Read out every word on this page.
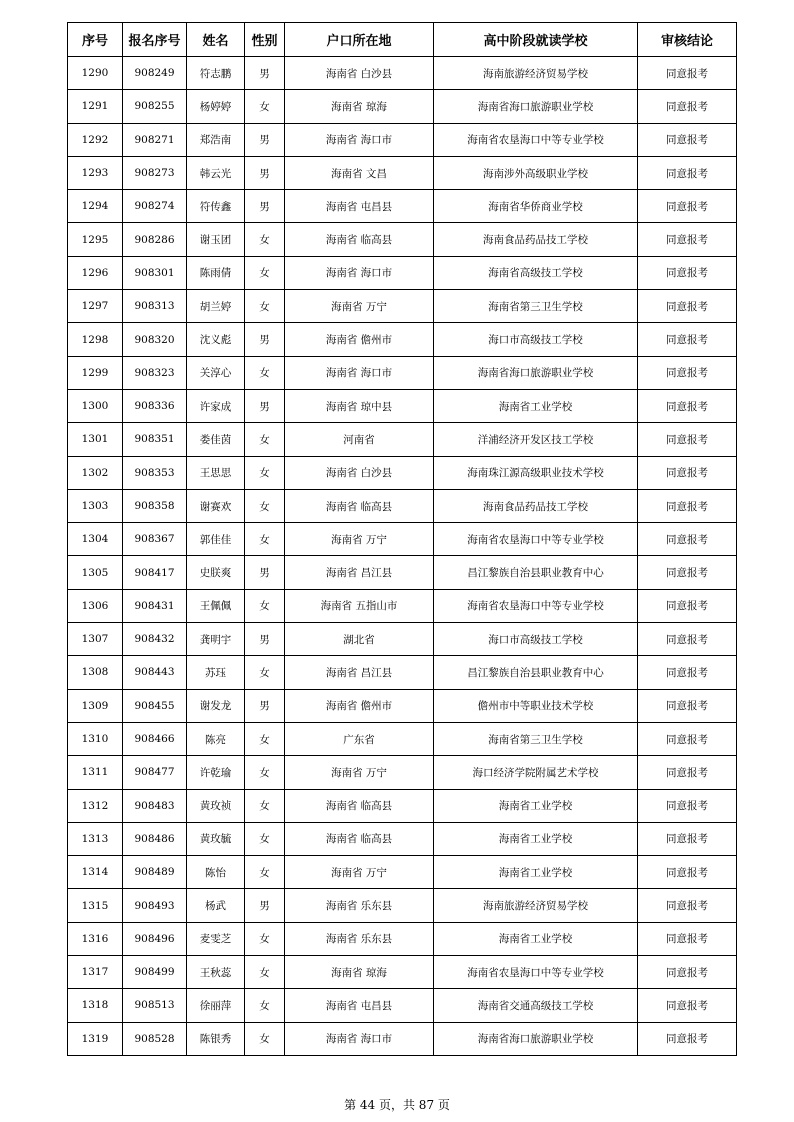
序号	报名序号	姓名	性别	户口所在地	高中阶段就读学校	审核结论
1290	908249	符志鹏	男	海南省 白沙县	海南旅游经济贸易学校	同意报考
1291	908255	杨婷婷	女	海南省 琼海	海南省海口旅游职业学校	同意报考
1292	908271	郑浩南	男	海南省 海口市	海南省农垦海口中等专业学校	同意报考
1293	908273	韩云光	男	海南省 文昌	海南涉外高级职业学校	同意报考
1294	908274	符传鑫	男	海南省 屯昌县	海南省华侨商业学校	同意报考
1295	908286	谢玉团	女	海南省 临高县	海南食品药品技工学校	同意报考
1296	908301	陈雨倩	女	海南省 海口市	海南省高级技工学校	同意报考
1297	908313	胡兰婷	女	海南省 万宁	海南省第三卫生学校	同意报考
1298	908320	沈义彪	男	海南省 儋州市	海口市高级技工学校	同意报考
1299	908323	关淳心	女	海南省 海口市	海南省海口旅游职业学校	同意报考
1300	908336	许家成	男	海南省 琼中县	海南省工业学校	同意报考
1301	908351	娄佳茵	女	河南省	洋浦经济开发区技工学校	同意报考
1302	908353	王思思	女	海南省 白沙县	海南珠江源高级职业技术学校	同意报考
1303	908358	谢赛欢	女	海南省 临高县	海南食品药品技工学校	同意报考
1304	908367	郭佳佳	女	海南省 万宁	海南省农垦海口中等专业学校	同意报考
1305	908417	史朕爽	男	海南省 昌江县	昌江黎族自治县职业教育中心	同意报考
1306	908431	王佩佩	女	海南省 五指山市	海南省农垦海口中等专业学校	同意报考
1307	908432	龚明宇	男	湖北省	海口市高级技工学校	同意报考
1308	908443	苏珏	女	海南省 昌江县	昌江黎族自治县职业教育中心	同意报考
1309	908455	谢发龙	男	海南省 儋州市	儋州市中等职业技术学校	同意报考
1310	908466	陈亮	女	广东省	海南省第三卫生学校	同意报考
1311	908477	许乾瑜	女	海南省 万宁	海口经济学院附属艺术学校	同意报考
1312	908483	黄玫祯	女	海南省 临高县	海南省工业学校	同意报考
1313	908486	黄玫毓	女	海南省 临高县	海南省工业学校	同意报考
1314	908489	陈怡	女	海南省 万宁	海南省工业学校	同意报考
1315	908493	杨武	男	海南省 乐东县	海南旅游经济贸易学校	同意报考
1316	908496	麦雯芝	女	海南省 乐东县	海南省工业学校	同意报考
1317	908499	王秋蕊	女	海南省 琼海	海南省农垦海口中等专业学校	同意报考
1318	908513	徐丽萍	女	海南省 屯昌县	海南省交通高级技工学校	同意报考
1319	908528	陈银秀	女	海南省 海口市	海南省海口旅游职业学校	同意报考
第 44 页，共 87 页
